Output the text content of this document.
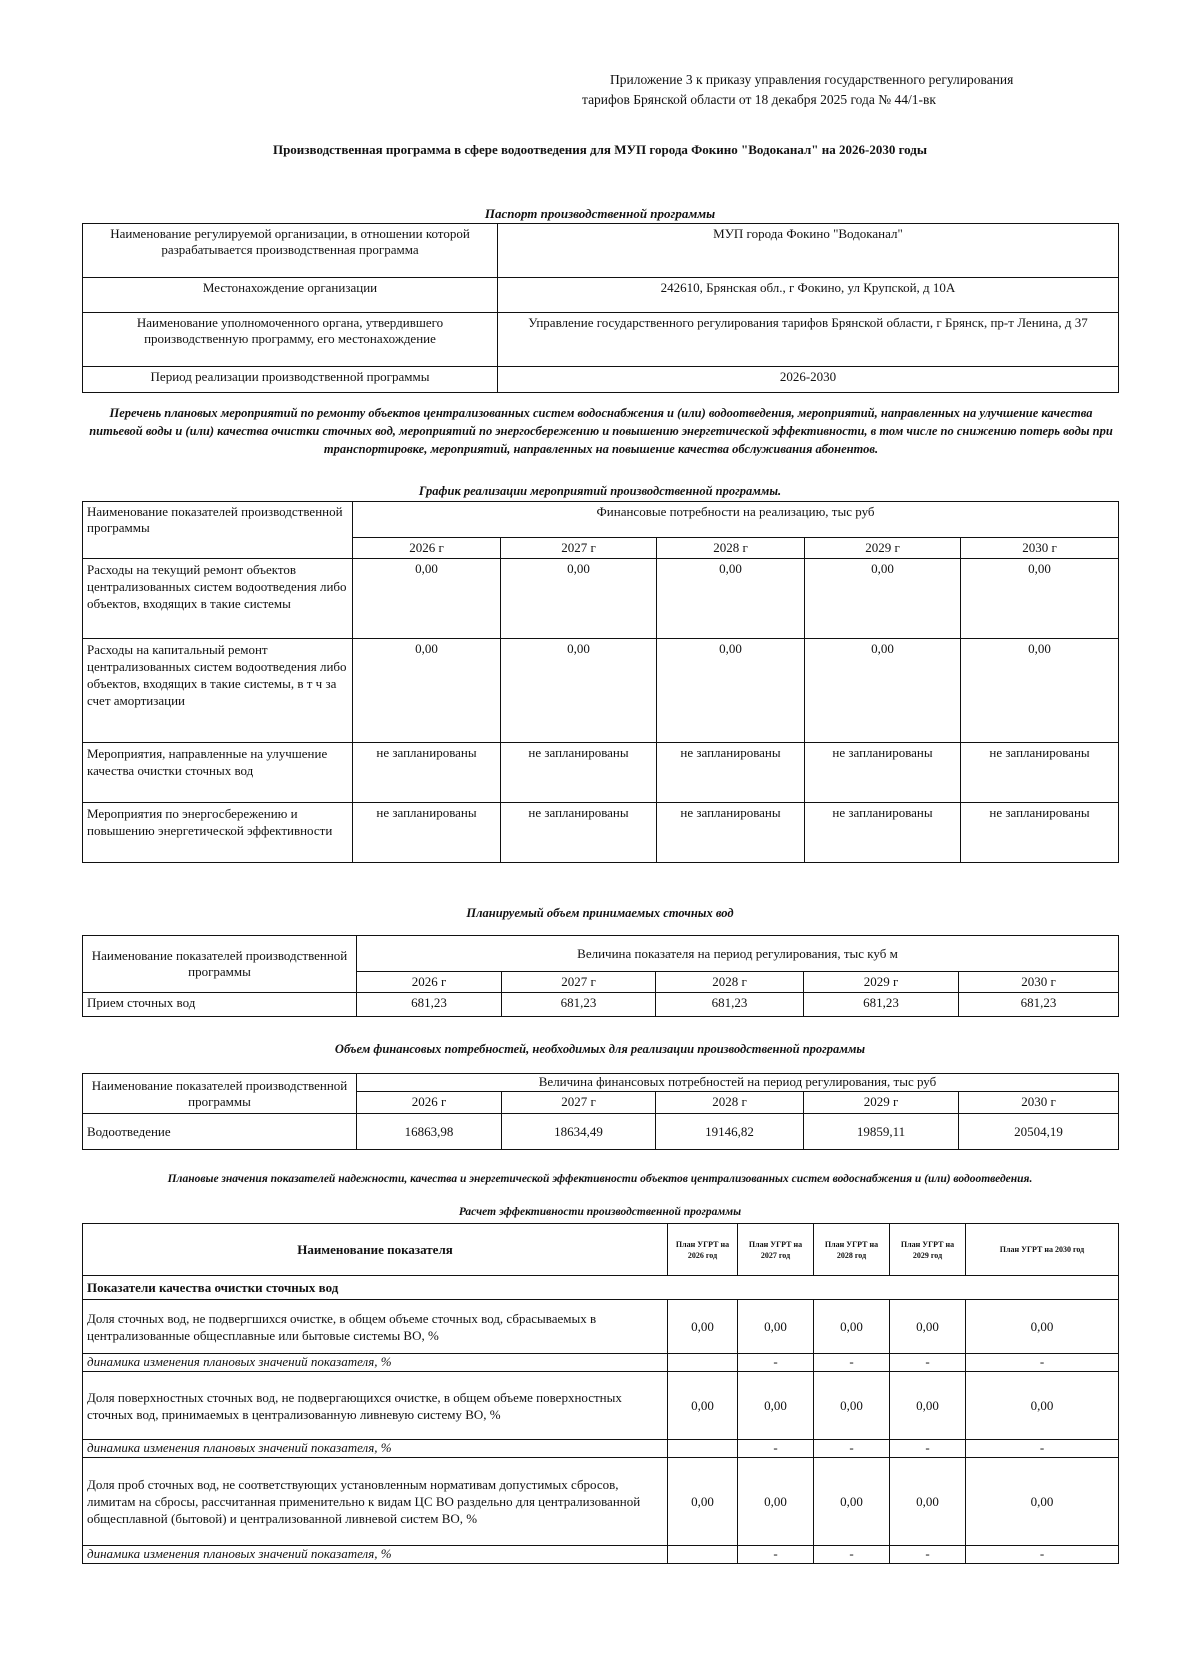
Приложение 3 к приказу управления государственного регулирования
тарифов Брянской области от 18 декабря 2025 года № 44/1-вк
Производственная программа в сфере водоотведения для МУП города Фокино "Водоканал" на 2026-2030 годы
Паспорт производственной программы
Наименование регулируемой организации, в отношении которой разрабатывается производственная программа	МУП города Фокино "Водоканал"
Местонахождение организации	242610, Брянская обл., г Фокино, ул Крупской, д 10А
Наименование уполномоченного органа, утвердившего производственную программу, его местонахождение	Управление государственного регулирования тарифов Брянской области, г Брянск, пр-т Ленина, д 37
Период реализации производственной программы	2026-2030
Перечень плановых мероприятий по ремонту объектов централизованных систем водоснабжения и (или) водоотведения, мероприятий, направленных на улучшение качества питьевой воды и (или) качества очистки сточных вод, мероприятий по энергосбережению и повышению энергетической эффективности, в том числе по снижению потерь воды при транспортировке, мероприятий, направленных на повышение качества обслуживания абонентов.
График реализации мероприятий производственной программы.
Наименование показателей производственной программы	Финансовые потребности на реализацию, тыс руб				
	2026 г	2027 г	2028 г	2029 г	2030 г
Расходы на текущий ремонт объектов централизованных систем водоотведения либо объектов, входящих в такие системы	0,00	0,00	0,00	0,00	0,00
Расходы на капитальный ремонт централизованных систем водоотведения либо объектов, входящих в такие системы, в т ч за счет амортизации	0,00	0,00	0,00	0,00	0,00
Мероприятия, направленные на улучшение качества очистки сточных вод	не запланированы	не запланированы	не запланированы	не запланированы	не запланированы
Мероприятия по энергосбережению и повышению энергетической эффективности	не запланированы	не запланированы	не запланированы	не запланированы	не запланированы
Планируемый объем принимаемых сточных вод
Наименование показателей производственной программы	Величина показателя на период регулирования, тыс куб м				
	2026 г	2027 г	2028 г	2029 г	2030 г
Прием сточных вод	681,23	681,23	681,23	681,23	681,23
Объем финансовых потребностей, необходимых для реализации производственной программы
Наименование показателей производственной программы	Величина финансовых потребностей на период регулирования, тыс руб				
	2026 г	2027 г	2028 г	2029 г	2030 г
Водоотведение	16863,98	18634,49	19146,82	19859,11	20504,19
Плановые значения показателей надежности, качества и энергетической эффективности объектов централизованных систем водоснабжения и (или) водоотведения.
Расчет эффективности производственной программы
Наименование показателя	План УГРТ на 2026 год	План УГРТ на 2027 год	План УГРТ на 2028 год	План УГРТ на 2029 год	План УГРТ на 2030 год
Показатели качества очистки сточных вод					
Доля сточных вод, не подвергшихся очистке, в общем объеме сточных вод, сбрасываемых в централизованные общесплавные или бытовые системы ВО, %	0,00	0,00	0,00	0,00	0,00
динамика изменения плановых значений показателя, %		-	-	-	-
Доля поверхностных сточных вод, не подвергающихся очистке, в общем объеме поверхностных сточных вод, принимаемых в централизованную ливневую систему ВО, %	0,00	0,00	0,00	0,00	0,00
динамика изменения плановых значений показателя, %		-	-	-	-
Доля проб сточных вод, не соответствующих установленным нормативам допустимых сбросов, лимитам на сбросы, рассчитанная применительно к видам ЦС ВО раздельно для централизованной общесплавной (бытовой) и централизованной ливневой систем ВО, %	0,00	0,00	0,00	0,00	0,00
динамика изменения плановых значений показателя, %		-	-	-	-
